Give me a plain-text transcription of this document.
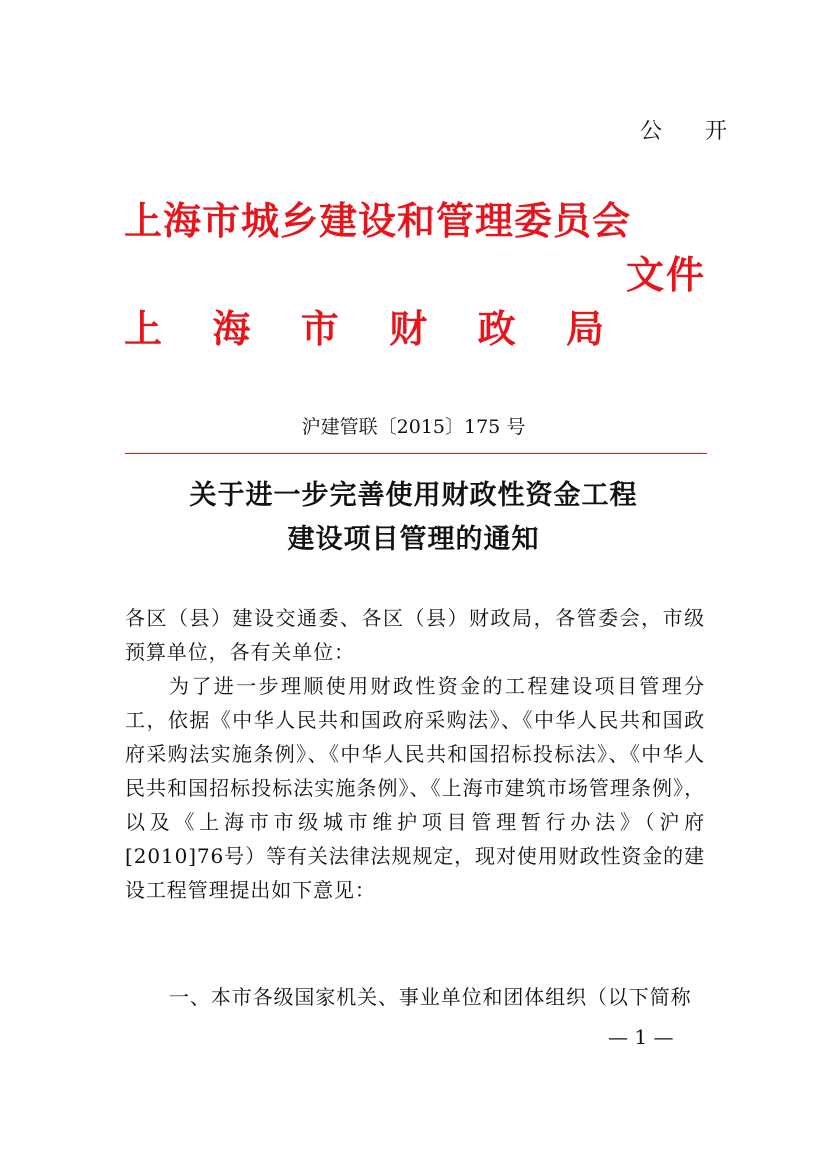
公 开
上海市城乡建设和管理委员会
文件
上 海 市 财 政 局
沪建管联〔2015〕175 号
关于进一步完善使用财政性资金工程
建设项目管理的通知

各区（县）建设交通委、各区（县）财政局，各管委会，市级预算单位，各有关单位：

为了进一步理顺使用财政性资金的工程建设项目管理分工，依据《中华人民共和国政府采购法》、《中华人民共和国政府采购法实施条例》、《中华人民共和国招标投标法》、《中华人民共和国招标投标法实施条例》、《上海市建筑市场管理条例》，以及《上海市市级城市维护项目管理暂行办法》（沪府[2010]76号）等有关法律法规规定，现对使用财政性资金的建设工程管理提出如下意见：

一、本市各级国家机关、事业单位和团体组织（以下简称

— 1 —
